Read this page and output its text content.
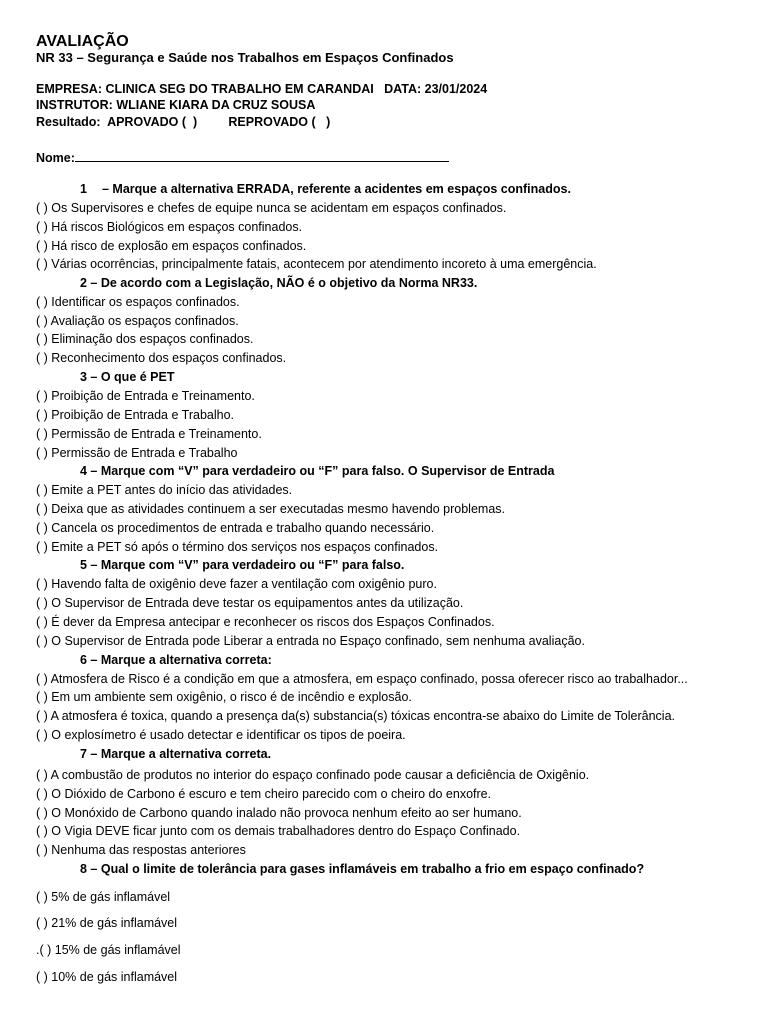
AVALIAÇÃO
NR 33 – Segurança e Saúde nos Trabalhos em Espaços Confinados
EMPRESA: CLINICA SEG DO TRABALHO EM CARANDAI   DATA: 23/01/2024
INSTRUTOR: WLIANE KIARA DA CRUZ SOUSA
Resultado:  APROVADO (  )         REPROVADO (   )
Nome:
1 – Marque a alternativa ERRADA, referente a acidentes em espaços confinados.
( ) Os Supervisores e chefes de equipe nunca se acidentam em espaços confinados.
( ) Há riscos Biológicos em espaços confinados.
( ) Há risco de explosão em espaços confinados.
( ) Várias ocorrências, principalmente fatais, acontecem por atendimento incoreto à uma emergência.
2 – De acordo com a Legislação, NÃO é o objetivo da Norma NR33.
( ) Identificar os espaços confinados.
( ) Avaliação os espaços confinados.
( ) Eliminação dos espaços confinados.
( ) Reconhecimento dos espaços confinados.
3 – O que é PET
( ) Proibição de Entrada e Treinamento.
( ) Proibição de Entrada e Trabalho.
( ) Permissão de Entrada e Treinamento.
( ) Permissão de Entrada e Trabalho
4 – Marque com “V” para verdadeiro ou “F” para falso. O Supervisor de Entrada
( ) Emite a PET antes do início das atividades.
( ) Deixa que as atividades continuem a ser executadas mesmo havendo problemas.
( ) Cancela os procedimentos de entrada e trabalho quando necessário.
( ) Emite a PET só após o término dos serviços nos espaços confinados.
5 – Marque com “V” para verdadeiro ou “F” para falso.
( ) Havendo falta de oxigênio deve fazer a ventilação com oxigênio puro.
( ) O Supervisor de Entrada deve testar os equipamentos antes da utilização.
( ) É dever da Empresa antecipar e reconhecer os riscos dos Espaços Confinados.
( ) O Supervisor de Entrada pode Liberar a entrada no Espaço confinado, sem nenhuma avaliação.
6 – Marque a alternativa correta:
( ) Atmosfera de Risco é a condição em que a atmosfera, em espaço confinado, possa oferecer risco ao trabalhador...
( ) Em um ambiente sem oxigênio, o risco é de incêndio e explosão.
( ) A atmosfera é toxica, quando a presença da(s) substancia(s) tóxicas encontra-se abaixo do Limite de Tolerância.
( ) O explosímetro é usado detectar e identificar os tipos de poeira.
7 – Marque a alternativa correta.
( ) A combustão de produtos no interior do espaço confinado pode causar a deficiência de Oxigênio.
( ) O Dióxido de Carbono é escuro e tem cheiro parecido com o cheiro do enxofre.
( ) O Monóxido de Carbono quando inalado não provoca nenhum efeito ao ser humano.
( ) O Vigia DEVE ficar junto com os demais trabalhadores dentro do Espaço Confinado.
( ) Nenhuma das respostas anteriores
8 – Qual o limite de tolerância para gases inflamáveis em trabalho a frio em espaço confinado?
( ) 5% de gás inflamável
( ) 21% de gás inflamável
.( ) 15% de gás inflamável
( ) 10% de gás inflamável
